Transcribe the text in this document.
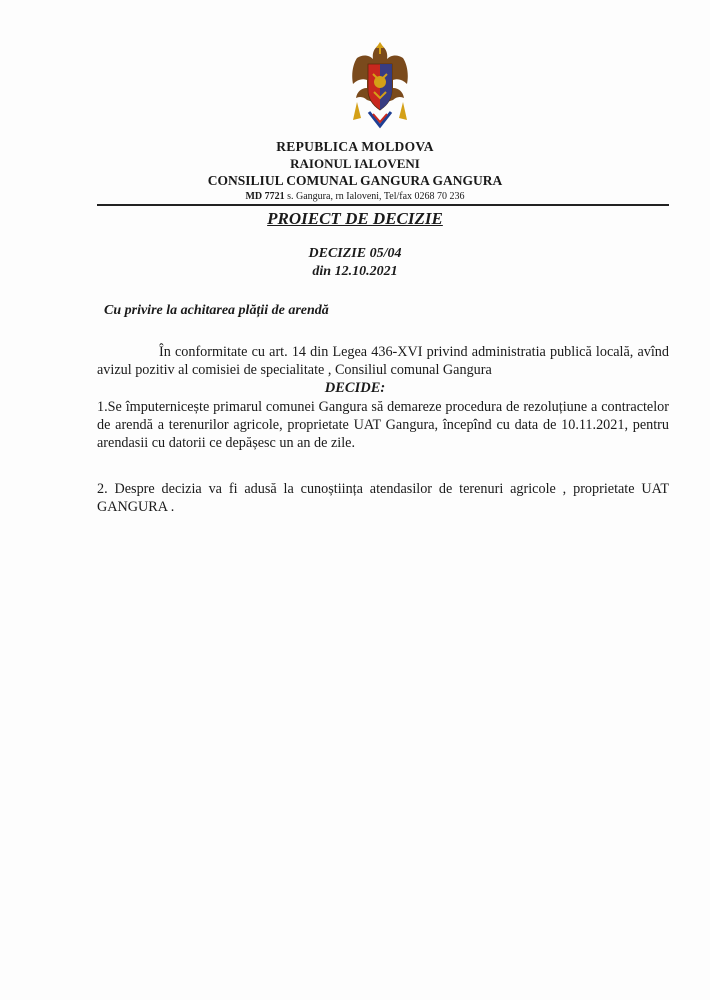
REPUBLICA MOLDOVA
RAIONUL IALOVENI
CONSILIUL COMUNAL GANGURA GANGURA
MD 7721 s. Gangura, rn Ialoveni, Tel/fax 0268 70 236
PROIECT DE DECIZIE
DECIZIE 05/04
din 12.10.2021
Cu privire la achitarea plății de arendă
În conformitate cu art. 14 din Legea 436-XVI privind administratia publică locală, avînd avizul pozitiv al comisiei de specialitate , Consiliul comunal Gangura
DECIDE:
1.Se împuternicește primarul comunei Gangura să demareze procedura de rezoluțiune a contractelor de arendă a terenurilor agricole, proprietate UAT Gangura, începînd cu data de 10.11.2021, pentru arendasii cu datorii ce depășesc un an de zile.
2. Despre decizia va fi adusă la cunoștiința atendasilor de terenuri agricole , proprietate UAT GANGURA .
